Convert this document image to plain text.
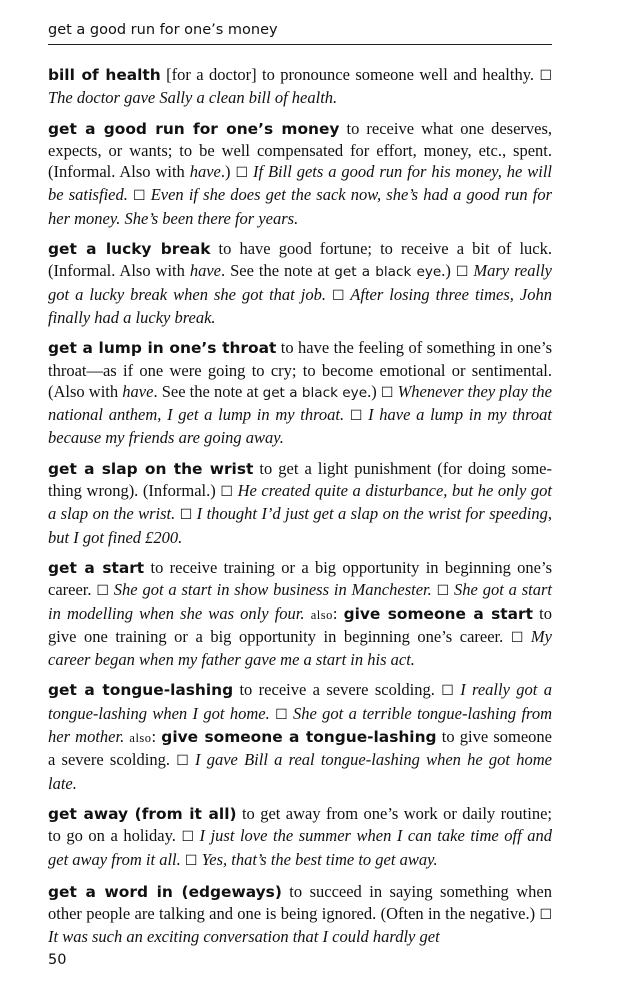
get a good run for one’s money

bill of health [for a doctor] to pronounce someone well and healthy. ☐ The doctor gave Sally a clean bill of health.

get a good run for one’s money to receive what one deserves, expects, or wants; to be well compensated for effort, money, etc., spent. (Informal. Also with have.) ☐ If Bill gets a good run for his money, he will be satisfied. ☐ Even if she does get the sack now, she’s had a good run for her money. She’s been there for years.

get a lucky break to have good fortune; to receive a bit of luck. (Informal. Also with have. See the note at get a black eye.) ☐ Mary really got a lucky break when she got that job. ☐ After losing three times, John finally had a lucky break.

get a lump in one’s throat to have the feeling of something in one’s throat—as if one were going to cry; to become emotional or sentimental. (Also with have. See the note at get a black eye.) ☐ Whenever they play the national anthem, I get a lump in my throat. ☐ I have a lump in my throat because my friends are going away.

get a slap on the wrist to get a light punishment (for doing something wrong). (Informal.) ☐ He created quite a disturbance, but he only got a slap on the wrist. ☐ I thought I’d just get a slap on the wrist for speeding, but I got fined £200.

get a start to receive training or a big opportunity in beginning one’s career. ☐ She got a start in show business in Manchester. ☐ She got a start in modelling when she was only four. also: give someone a start to give one training or a big opportunity in beginning one’s career. ☐ My career began when my father gave me a start in his act.

get a tongue-lashing to receive a severe scolding. ☐ I really got a tongue-lashing when I got home. ☐ She got a terrible tongue-lashing from her mother. also: give someone a tongue-lashing to give someone a severe scolding. ☐ I gave Bill a real tongue-lashing when he got home late.

get away (from it all) to get away from one’s work or daily routine; to go on a holiday. ☐ I just love the summer when I can take time off and get away from it all. ☐ Yes, that’s the best time to get away.

get a word in (edgeways) to succeed in saying something when other people are talking and one is being ignored. (Often in the negative.) ☐ It was such an exciting conversation that I could hardly get

50
